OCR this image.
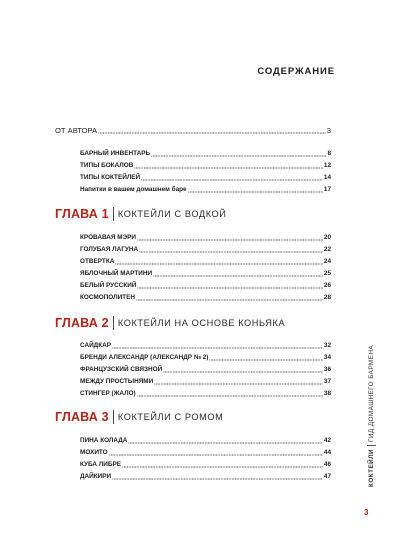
СОДЕРЖАНИЕ
ОТ АВТОРА	3
БАРНЫЙ ИНВЕНТАРЬ	8
ТИПЫ БОКАЛОВ	12
ТИПЫ КОКТЕЙЛЕЙ	14
Напитки в вашем домашнем баре	17
ГЛАВА 1 КОКТЕЙЛИ С ВОДКОЙ
КРОВАВАЯ МЭРИ	20
ГОЛУБАЯ ЛАГУНА	22
ОТВЕРТКА	24
ЯБЛОЧНЫЙ МАРТИНИ	25
БЕЛЫЙ РУССКИЙ	26
КОСМОПОЛИТЕН	28
ГЛАВА 2 КОКТЕЙЛИ НА ОСНОВЕ КОНЬЯКА
САЙДКАР	32
БРЕНДИ АЛЕКСАНДР (АЛЕКСАНДР № 2)	34
ФРАНЦУЗСКИЙ СВЯЗНОЙ	36
МЕЖДУ ПРОСТЫНЯМИ	37
СТИНГЕР (ЖАЛО)	38
ГЛАВА 3 КОКТЕЙЛИ С РОМОМ
ПИНА КОЛАДА	42
МОХИТО	44
КУБА ЛИБРЕ	46
ДАЙКИРИ	47	КОКТЕЙЛИ
ГИД ДОМАШНЕГО БАРМЕНА
3
